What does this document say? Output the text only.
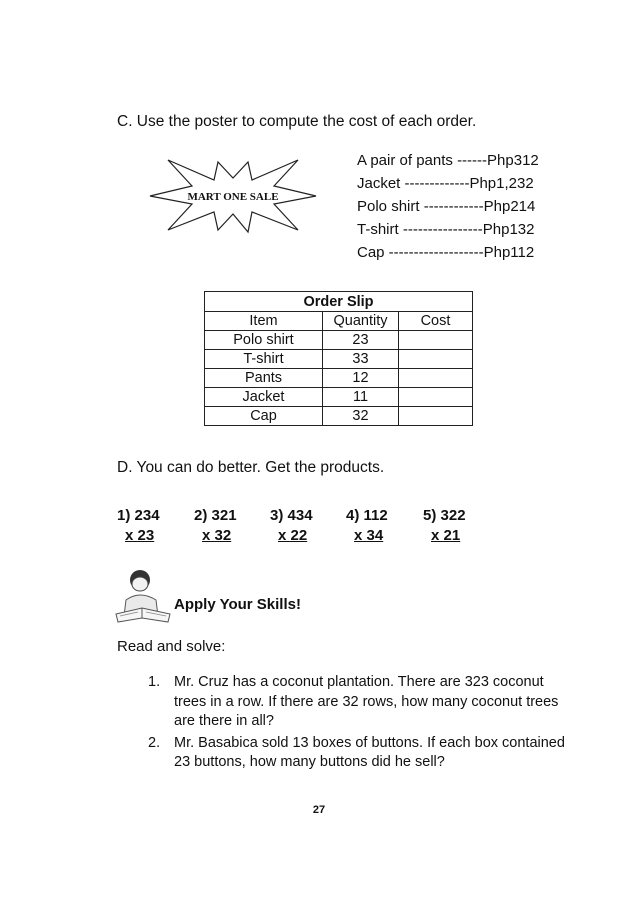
C. Use the poster to compute the cost of each order.
MART ONE SALE
A pair of pants ------Php312
Jacket -------------Php1,232
Polo shirt ------------Php214
T-shirt ----------------Php132
Cap -------------------Php112
Order Slip		
Item	Quantity	Cost
Polo shirt	23	
T-shirt	33	
Pants	12	
Jacket	11	
Cap	32	
D. You can do better. Get the products.
1) 234
x 23
2) 321
x 32
3) 434
x 22
4) 112
x 34
5) 322
x 21
Apply Your Skills!
Read and solve:
1. Mr. Cruz has a coconut plantation. There are 323 coconut trees in a row. If there are 32 rows, how many coconut trees are there in all?
2. Mr. Basabica sold 13 boxes of buttons. If each box contained 23 buttons, how many buttons did he sell?
27
